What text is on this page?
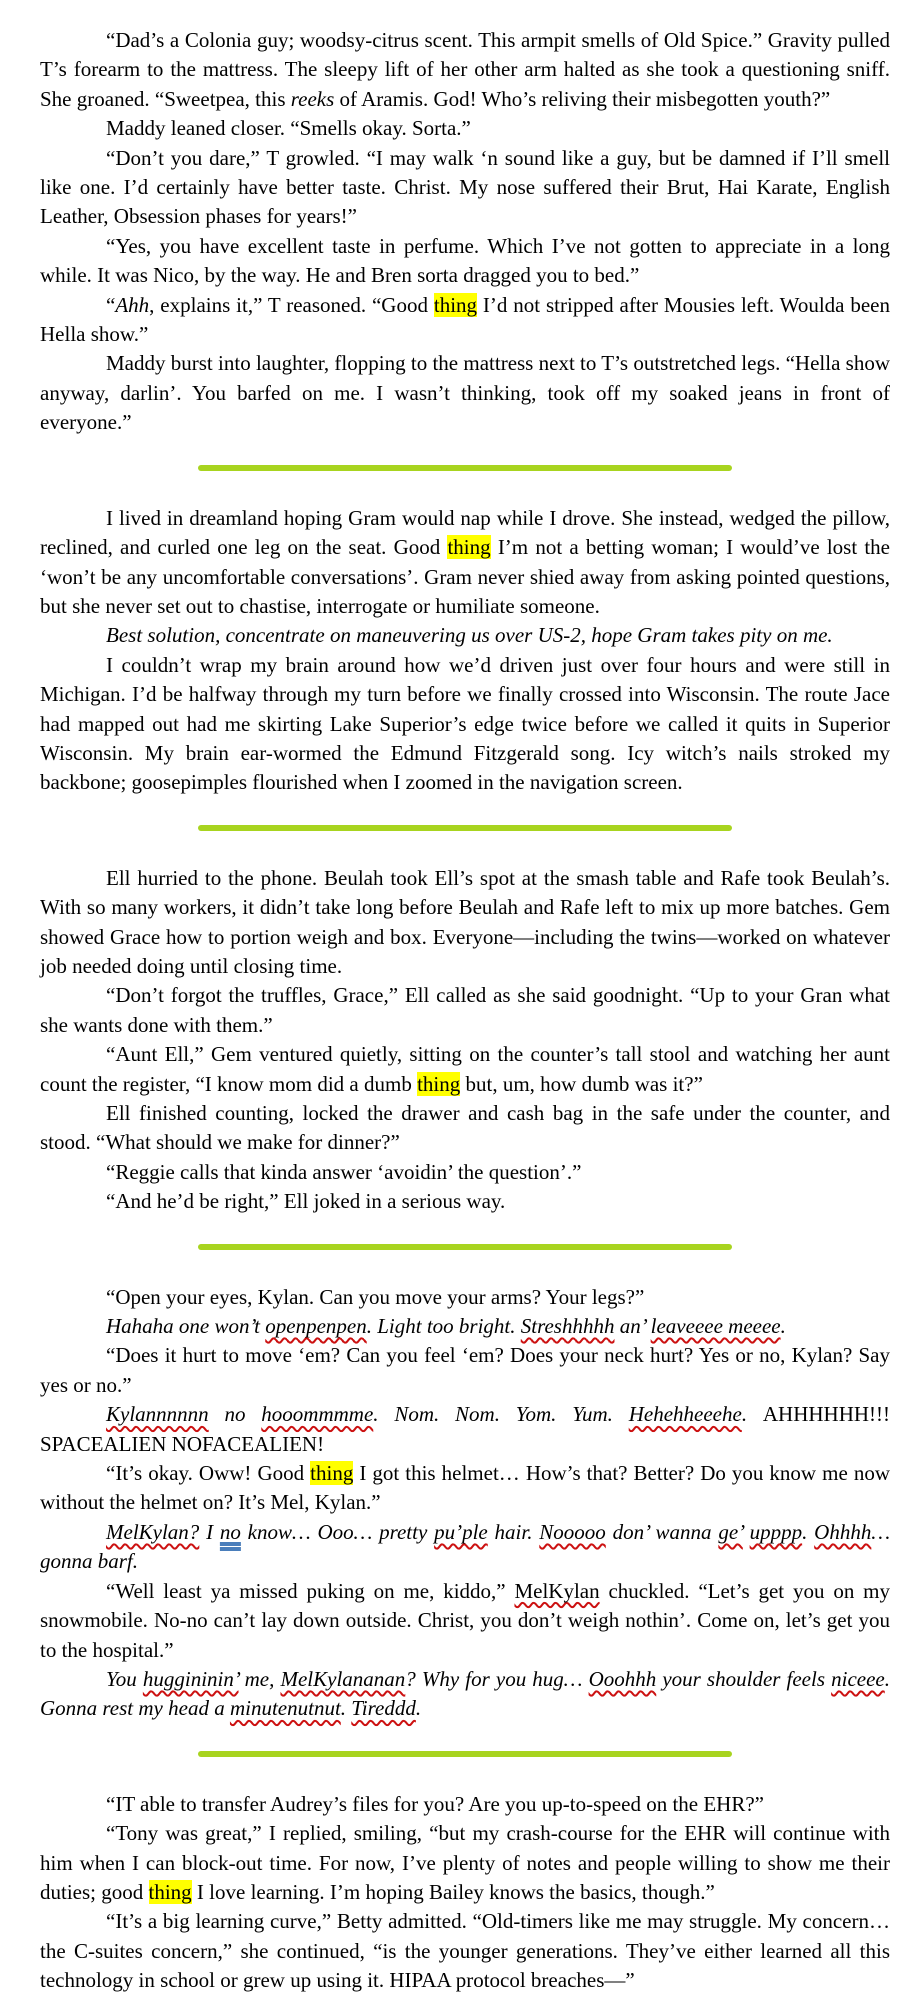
“Dad’s a Colonia guy; woodsy-citrus scent. This armpit smells of Old Spice.” Gravity pulled T’s forearm to the mattress. The sleepy lift of her other arm halted as she took a questioning sniff. She groaned. “Sweetpea, this reeks of Aramis. God! Who’s reliving their misbegotten youth?”

Maddy leaned closer. “Smells okay. Sorta.”

“Don’t you dare,” T growled. “I may walk ‘n sound like a guy, but be damned if I’ll smell like one. I’d certainly have better taste. Christ. My nose suffered their Brut, Hai Karate, English Leather, Obsession phases for years!”

“Yes, you have excellent taste in perfume. Which I’ve not gotten to appreciate in a long while. It was Nico, by the way. He and Bren sorta dragged you to bed.”

“Ahh, explains it,” T reasoned. “Good thing I’d not stripped after Mousies left. Woulda been Hella show.”

Maddy burst into laughter, flopping to the mattress next to T’s outstretched legs. “Hella show anyway, darlin’. You barfed on me. I wasn’t thinking, took off my soaked jeans in front of everyone.”

I lived in dreamland hoping Gram would nap while I drove. She instead, wedged the pillow, reclined, and curled one leg on the seat. Good thing I’m not a betting woman; I would’ve lost the ‘won’t be any uncomfortable conversations’. Gram never shied away from asking pointed questions, but she never set out to chastise, interrogate or humiliate someone.

Best solution, concentrate on maneuvering us over US-2, hope Gram takes pity on me.

I couldn’t wrap my brain around how we’d driven just over four hours and were still in Michigan. I’d be halfway through my turn before we finally crossed into Wisconsin. The route Jace had mapped out had me skirting Lake Superior’s edge twice before we called it quits in Superior Wisconsin. My brain ear-wormed the Edmund Fitzgerald song. Icy witch’s nails stroked my backbone; goosepimples flourished when I zoomed in the navigation screen.

Ell hurried to the phone. Beulah took Ell’s spot at the smash table and Rafe took Beulah’s. With so many workers, it didn’t take long before Beulah and Rafe left to mix up more batches. Gem showed Grace how to portion weigh and box. Everyone—including the twins—worked on whatever job needed doing until closing time.

“Don’t forgot the truffles, Grace,” Ell called as she said goodnight. “Up to your Gran what she wants done with them.”

“Aunt Ell,” Gem ventured quietly, sitting on the counter’s tall stool and watching her aunt count the register, “I know mom did a dumb thing but, um, how dumb was it?”

Ell finished counting, locked the drawer and cash bag in the safe under the counter, and stood. “What should we make for dinner?”

“Reggie calls that kinda answer ‘avoidin’ the question’.”

“And he’d be right,” Ell joked in a serious way.

“Open your eyes, Kylan. Can you move your arms? Your legs?”

Hahaha one won’t openpenpen. Light too bright. Streshhhhh an’ leaveeee meeee.

“Does it hurt to move ‘em? Can you feel ‘em? Does your neck hurt? Yes or no, Kylan? Say yes or no.”

Kylannnnnn no hooommmme. Nom. Nom. Yom. Yum. Hehehheeehe. AHHHHHH!!! SPACEALIEN NOFACEALIEN!

“It’s okay. Oww! Good thing I got this helmet… How’s that? Better? Do you know me now without the helmet on? It’s Mel, Kylan.”

MelKylan? I no know… Ooo… pretty pu’ple hair. Nooooo don’ wanna ge’ upppp. Ohhhh… gonna barf.

“Well least ya missed puking on me, kiddo,” MelKylan chuckled. “Let’s get you on my snowmobile. No-no can’t lay down outside. Christ, you don’t weigh nothin’. Come on, let’s get you to the hospital.”

You huggininin’ me, MelKylananan? Why for you hug… Ooohhh your shoulder feels niceee. Gonna rest my head a minutenutnut. Tireddd.

“IT able to transfer Audrey’s files for you? Are you up-to-speed on the EHR?”

“Tony was great,” I replied, smiling, “but my crash-course for the EHR will continue with him when I can block-out time. For now, I’ve plenty of notes and people willing to show me their duties; good thing I love learning. I’m hoping Bailey knows the basics, though.”

“It’s a big learning curve,” Betty admitted. “Old-timers like me may struggle. My concern… the C-suites concern,” she continued, “is the younger generations. They’ve either learned all this technology in school or grew up using it. HIPAA protocol breaches—”
